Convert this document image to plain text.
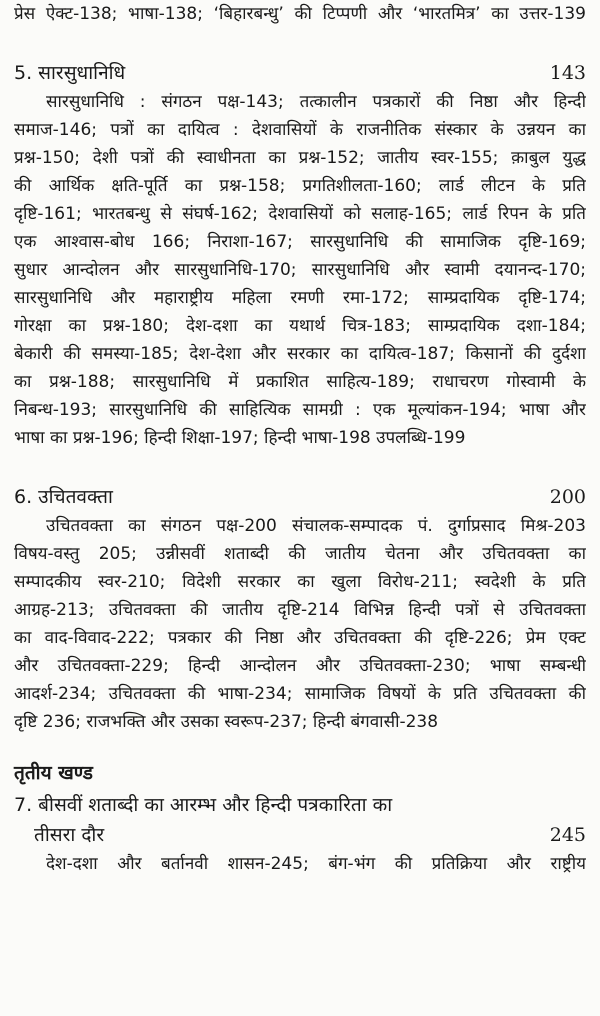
प्रेस ऐक्ट-138; भाषा-138; ‘बिहारबन्धु’ की टिप्पणी और ‘भारतमित्र’ का उत्तर-139
5. सारसुधानिधि	143
सारसुधानिधि : संगठन पक्ष-143; तत्कालीन पत्रकारों की निष्ठा और हिन्दी
समाज-146; पत्रों का दायित्व : देशवासियों के राजनीतिक संस्कार के उन्नयन का
प्रश्न-150; देशी पत्रों की स्वाधीनता का प्रश्न-152; जातीय स्वर-155; क़ाबुल युद्ध
की आर्थिक क्षति-पूर्ति का प्रश्न-158; प्रगतिशीलता-160; लार्ड लीटन के प्रति
दृष्टि-161; भारतबन्धु से संघर्ष-162; देशवासियों को सलाह-165; लार्ड रिपन के प्रति
एक आश्वास-बोध 166; निराशा-167; सारसुधानिधि की सामाजिक दृष्टि-169;
सुधार आन्दोलन और सारसुधानिधि-170; सारसुधानिधि और स्वामी दयानन्द-170;
सारसुधानिधि और महाराष्ट्रीय महिला रमणी रमा-172; साम्प्रदायिक दृष्टि-174;
गोरक्षा का प्रश्न-180; देश-दशा का यथार्थ चित्र-183; साम्प्रदायिक दशा-184;
बेकारी की समस्या-185; देश-देशा और सरकार का दायित्व-187; किसानों की दुर्दशा
का प्रश्न-188; सारसुधानिधि में प्रकाशित साहित्य-189; राधाचरण गोस्वामी के
निबन्ध-193; सारसुधानिधि की साहित्यिक सामग्री : एक मूल्यांकन-194; भाषा और
भाषा का प्रश्न-196; हिन्दी शिक्षा-197; हिन्दी भाषा-198 उपलब्धि-199
6. उचितवक्ता	200
उचितवक्ता का संगठन पक्ष-200 संचालक-सम्पादक पं. दुर्गाप्रसाद मिश्र-203
विषय-वस्तु 205; उन्नीसवीं शताब्दी की जातीय चेतना और उचितवक्ता का
सम्पादकीय स्वर-210; विदेशी सरकार का खुला विरोध-211; स्वदेशी के प्रति
आग्रह-213; उचितवक्ता की जातीय दृष्टि-214 विभिन्न हिन्दी पत्रों से उचितवक्ता
का वाद-विवाद-222; पत्रकार की निष्ठा और उचितवक्ता की दृष्टि-226; प्रेम एक्ट
और उचितवक्ता-229; हिन्दी आन्दोलन और उचितवक्ता-230; भाषा सम्बन्धी
आदर्श-234; उचितवक्ता की भाषा-234; सामाजिक विषयों के प्रति उचितवक्ता की
दृष्टि 236; राजभक्ति और उसका स्वरूप-237; हिन्दी बंगवासी-238
तृतीय खण्ड
7. बीसवीं शताब्दी का आरम्भ और हिन्दी पत्रकारिता का
तीसरा दौर	245
देश-दशा और बर्तानवी शासन-245; बंग-भंग की प्रतिक्रिया और राष्ट्रीय
